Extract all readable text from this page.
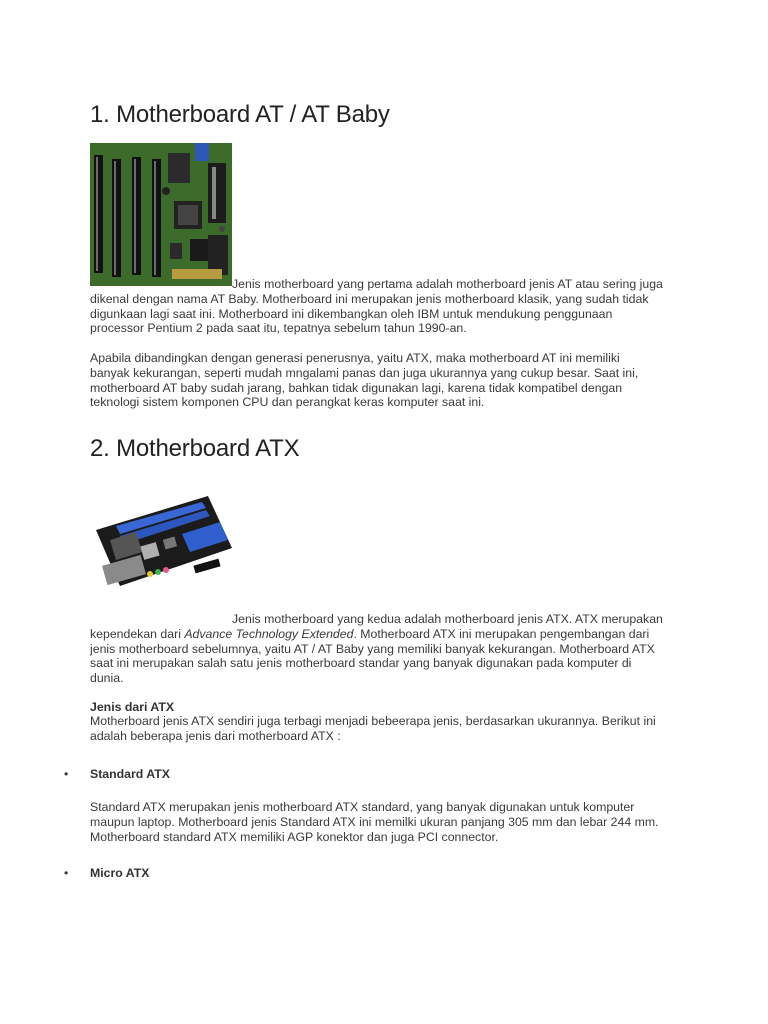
1. Motherboard AT / AT Baby

Jenis motherboard yang pertama adalah motherboard jenis AT atau sering juga
dikenal dengan nama AT Baby. Motherboard ini merupakan jenis motherboard klasik, yang sudah tidak
digunkaan lagi saat ini. Motherboard ini dikembangkan oleh IBM untuk mendukung penggunaan
processor Pentium 2 pada saat itu, tepatnya sebelum tahun 1990-an.

Apabila dibandingkan dengan generasi penerusnya, yaitu ATX, maka motherboard AT ini memiliki
banyak kekurangan, seperti mudah mngalami panas dan juga ukurannya yang cukup besar. Saat ini,
motherboard AT baby sudah jarang, bahkan tidak digunakan lagi, karena tidak kompatibel dengan
teknologi sistem komponen CPU dan perangkat keras komputer saat ini.

2. Motherboard ATX

Jenis motherboard yang kedua adalah motherboard jenis ATX. ATX merupakan
kependekan dari Advance Technology Extended. Motherboard ATX ini merupakan pengembangan dari
jenis motherboard sebelumnya, yaitu AT / AT Baby yang memiliki banyak kekurangan. Motherboard ATX
saat ini merupakan salah satu jenis motherboard standar yang banyak digunakan pada komputer di
dunia.

Jenis dari ATX

Motherboard jenis ATX sendiri juga terbagi menjadi bebeerapa jenis, berdasarkan ukurannya. Berikut ini
adalah beberapa jenis dari motherboard ATX :

• Standard ATX

Standard ATX merupakan jenis motherboard ATX standard, yang banyak digunakan untuk komputer
maupun laptop. Motherboard jenis Standard ATX ini memilki ukuran panjang 305 mm dan lebar 244 mm.
Motherboard standard ATX memiliki AGP konektor dan juga PCI connector.

• Micro ATX
